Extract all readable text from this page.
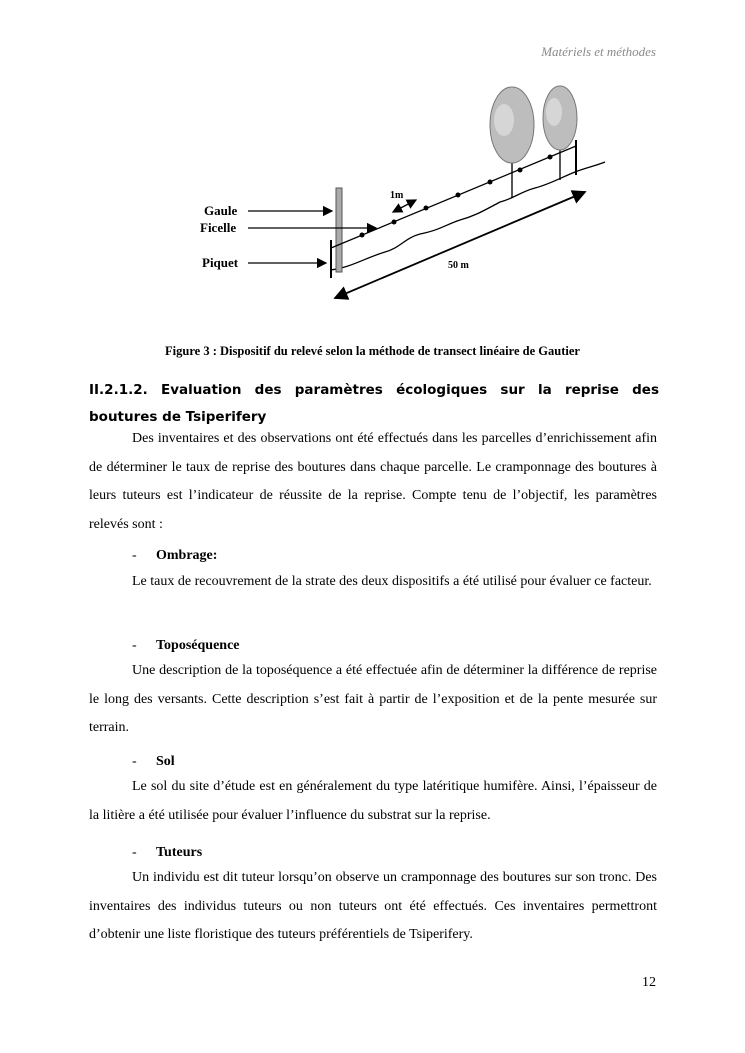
Matériels et méthodes
1m
50 m
Gaule
Ficelle
Piquet
Figure 3 : Dispositif du relevé selon la méthode de transect linéaire de Gautier
II.2.1.2. Evaluation des paramètres écologiques sur la reprise des boutures de Tsiperifery
Des inventaires et des observations ont été effectués dans les parcelles d’enrichissement afin de déterminer le taux de reprise des boutures dans chaque parcelle. Le cramponnage des boutures à leurs tuteurs est l’indicateur de réussite de la reprise. Compte tenu de l’objectif, les paramètres relevés sont :
- Ombrage:
Le taux de recouvrement de la strate des deux dispositifs a été utilisé pour évaluer ce facteur.
- Toposéquence
Une description de la toposéquence a été effectuée afin de déterminer la différence de reprise le long des versants. Cette description s’est fait à partir de l’exposition et de la pente mesurée sur terrain.
- Sol
Le sol du site d’étude est en généralement du type latéritique humifère. Ainsi, l’épaisseur de la litière a été utilisée pour évaluer l’influence du substrat sur la reprise.
- Tuteurs
Un individu est dit tuteur lorsqu’on observe un cramponnage des boutures sur son tronc. Des inventaires des individus tuteurs ou non tuteurs ont été effectués. Ces inventaires permettront d’obtenir une liste floristique des tuteurs préférentiels de Tsiperifery.
12
